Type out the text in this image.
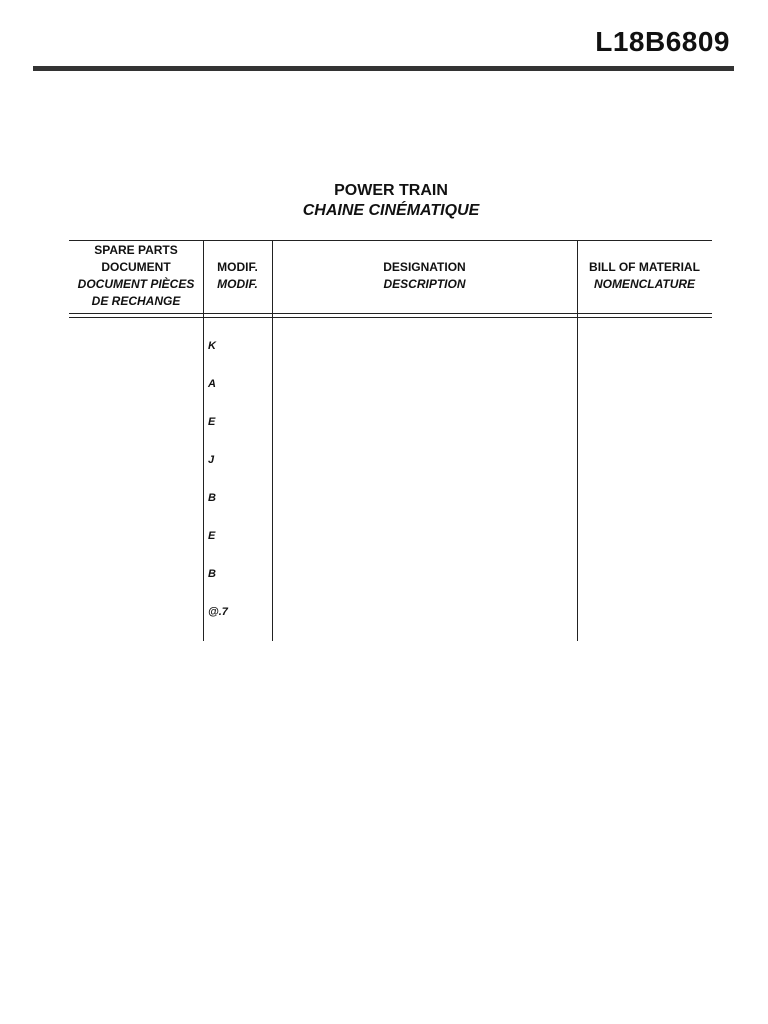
L18B6809
POWER TRAIN
CHAINE CINÉMATIQUE
SPARE PARTS
DOCUMENT
DOCUMENT PIÈCES
DE RECHANGE
MODIF.
MODIF.
DESIGNATION
DESCRIPTION
BILL OF MATERIAL
NOMENCLATURE
K
A
E
J
B
E
B
@.7
